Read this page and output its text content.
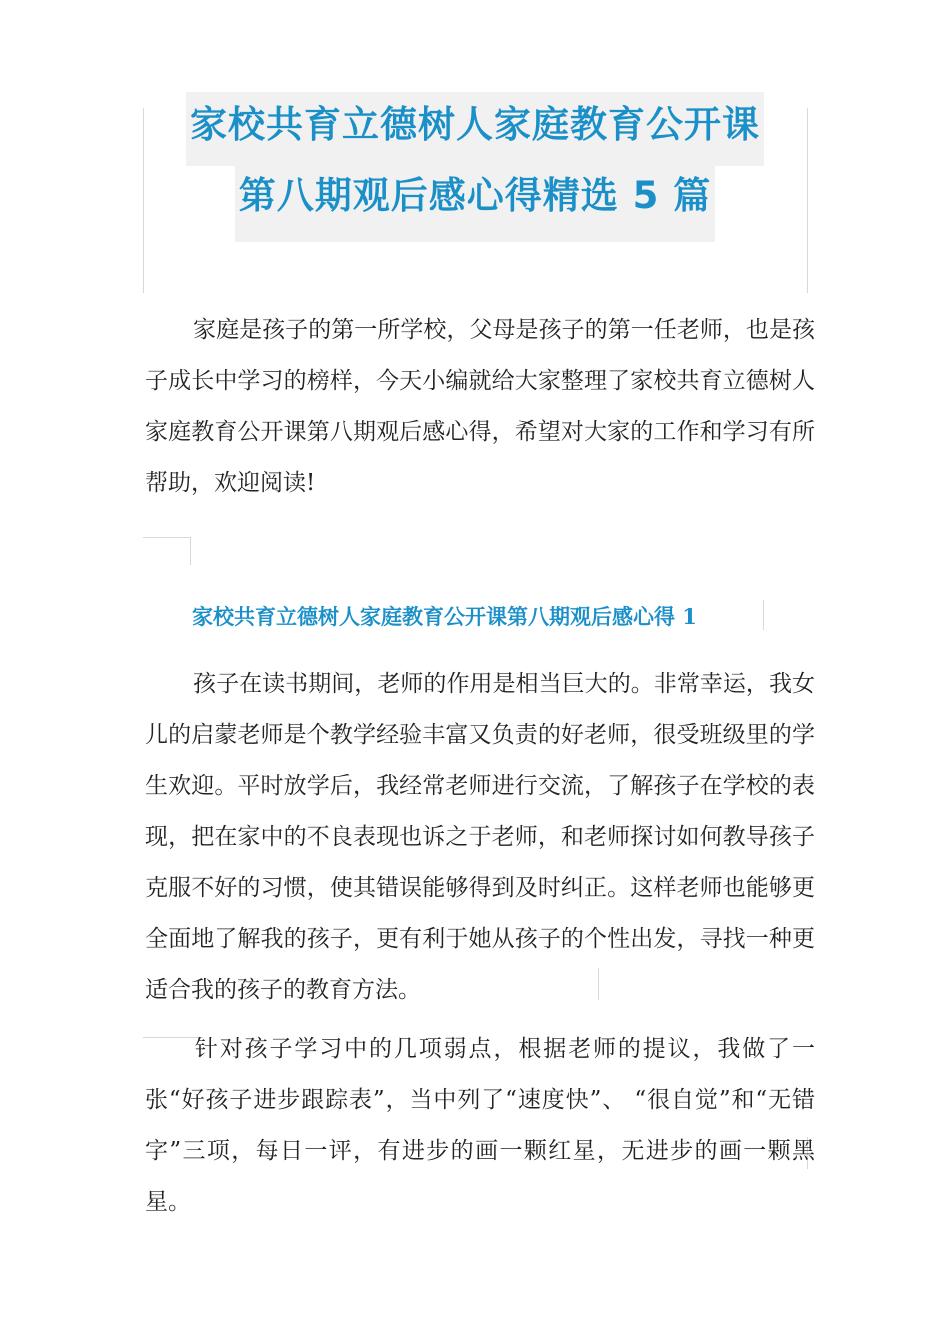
家校共育立德树人家庭教育公开课
第八期观后感心得精选 5 篇

家庭是孩子的第一所学校，父母是孩子的第一任老师，也是孩子成长中学习的榜样，今天小编就给大家整理了家校共育立德树人家庭教育公开课第八期观后感心得，希望对大家的工作和学习有所帮助，欢迎阅读!

家校共育立德树人家庭教育公开课第八期观后感心得 1

孩子在读书期间，老师的作用是相当巨大的。非常幸运，我女儿的启蒙老师是个教学经验丰富又负责的好老师，很受班级里的学生欢迎。平时放学后，我经常老师进行交流，了解孩子在学校的表现，把在家中的不良表现也诉之于老师，和老师探讨如何教导孩子克服不好的习惯，使其错误能够得到及时纠正。这样老师也能够更全面地了解我的孩子，更有利于她从孩子的个性出发，寻找一种更适合我的孩子的教育方法。

针对孩子学习中的几项弱点，根据老师的提议，我做了一张“好孩子进步跟踪表”，当中列了“速度快”、 “很自觉”和“无错字”三项，每日一评，有进步的画一颗红星，无进步的画一颗黑星。
